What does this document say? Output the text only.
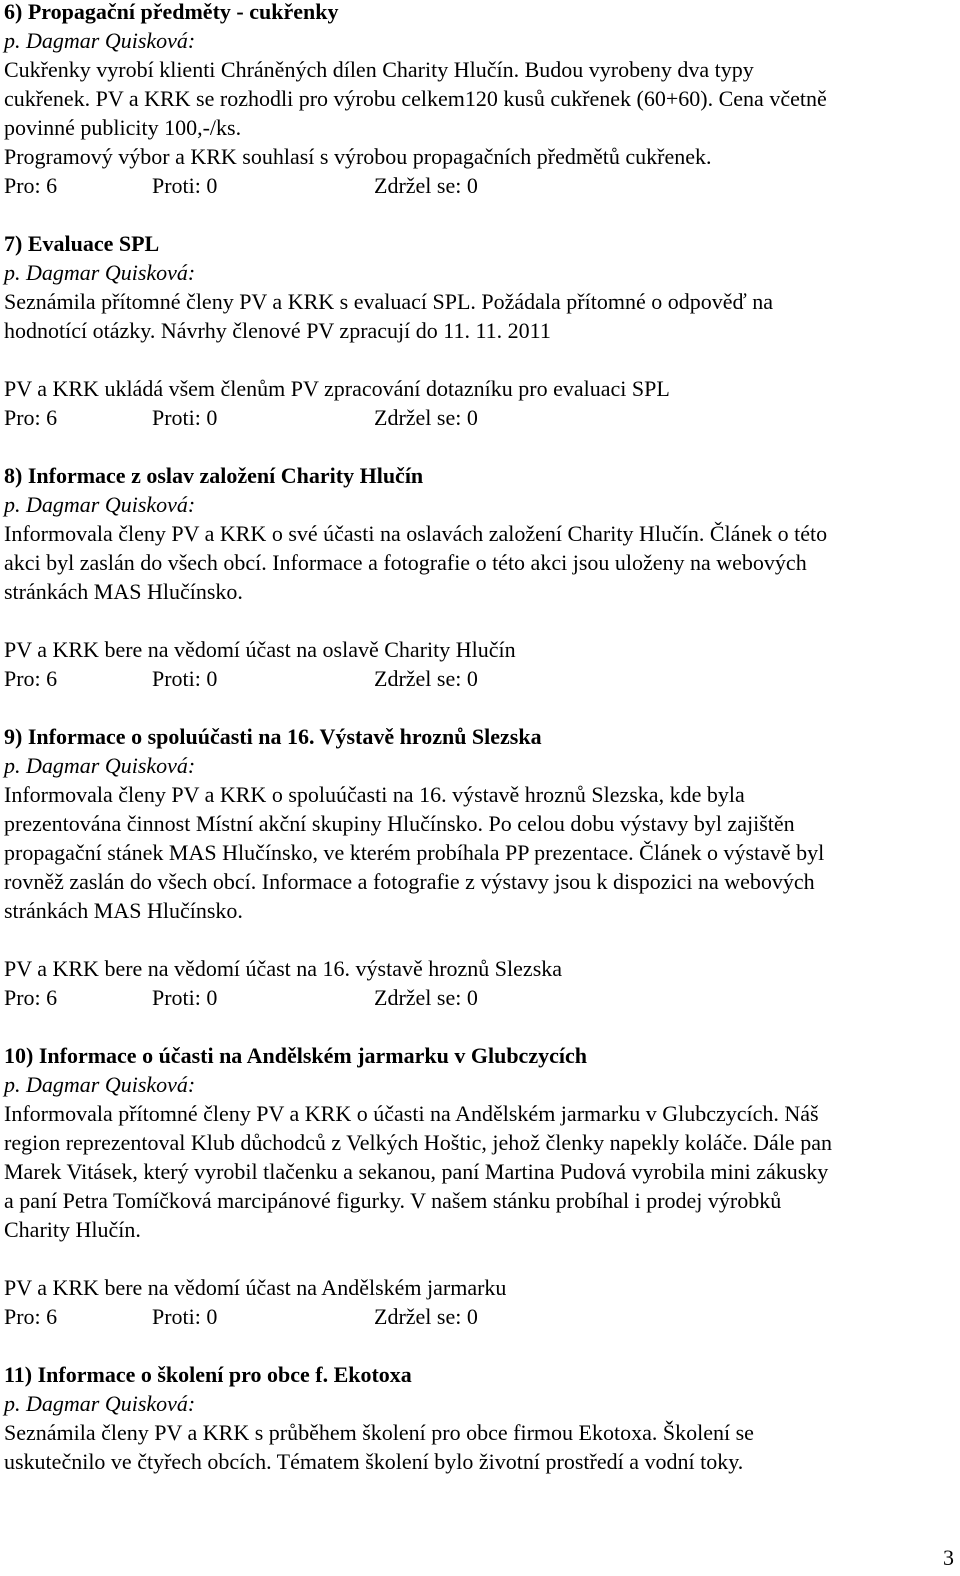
6) Propagační předměty - cukřenky
p. Dagmar Quisková:
Cukřenky vyrobí klienti Chráněných dílen Charity Hlučín. Budou vyrobeny dva typy
cukřenek. PV a KRK se rozhodli pro výrobu celkem120 kusů cukřenek (60+60). Cena včetně
povinné publicity 100,-/ks.
Programový výbor a KRK souhlasí s výrobou propagačních předmětů cukřenek.
Pro: 6	Proti: 0	Zdržel se: 0
7) Evaluace SPL
p. Dagmar Quisková:
Seznámila přítomné členy PV a KRK s evaluací SPL. Požádala přítomné o odpověď na
hodnotící otázky. Návrhy členové PV zpracují do 11. 11. 2011
PV a KRK ukládá všem členům PV zpracování dotazníku pro evaluaci SPL
Pro: 6	Proti: 0	Zdržel se: 0
8) Informace z oslav založení Charity Hlučín
p. Dagmar Quisková:
Informovala členy PV a KRK o své účasti na oslavách založení Charity Hlučín. Článek o této
akci byl zaslán do všech obcí. Informace a fotografie o této akci jsou uloženy na webových
stránkách MAS Hlučínsko.
PV a KRK bere na vědomí účast na oslavě Charity Hlučín
Pro: 6	Proti: 0	Zdržel se: 0
9) Informace o spoluúčasti na 16. Výstavě hroznů Slezska
p. Dagmar Quisková:
Informovala členy PV a KRK o spoluúčasti na 16. výstavě hroznů Slezska, kde byla
prezentována činnost Místní akční skupiny Hlučínsko. Po celou dobu výstavy byl zajištěn
propagační stánek MAS Hlučínsko, ve kterém probíhala PP prezentace. Článek o výstavě byl
rovněž zaslán do všech obcí. Informace a fotografie z výstavy jsou k dispozici na webových
stránkách MAS Hlučínsko.
PV a KRK bere na vědomí účast na 16. výstavě hroznů Slezska
Pro: 6	Proti: 0	Zdržel se: 0
10) Informace o účasti na Andělském jarmarku v Glubczycích
p. Dagmar Quisková:
Informovala přítomné členy PV a KRK o účasti na Andělském jarmarku v Glubczycích. Náš
region reprezentoval Klub důchodců z Velkých Hoštic, jehož členky napekly koláče. Dále pan
Marek Vitásek, který vyrobil tlačenku a sekanou, paní Martina Pudová vyrobila mini zákusky
a paní Petra Tomíčková marcipánové figurky. V našem stánku probíhal i prodej výrobků
Charity Hlučín.
PV a KRK bere na vědomí účast na Andělském jarmarku
Pro: 6	Proti: 0	Zdržel se: 0
11) Informace o školení pro obce f. Ekotoxa
p. Dagmar Quisková:
Seznámila členy PV a KRK s průběhem školení pro obce firmou Ekotoxa. Školení se
uskutečnilo ve čtyřech obcích. Tématem školení bylo životní prostředí a vodní toky.
3
